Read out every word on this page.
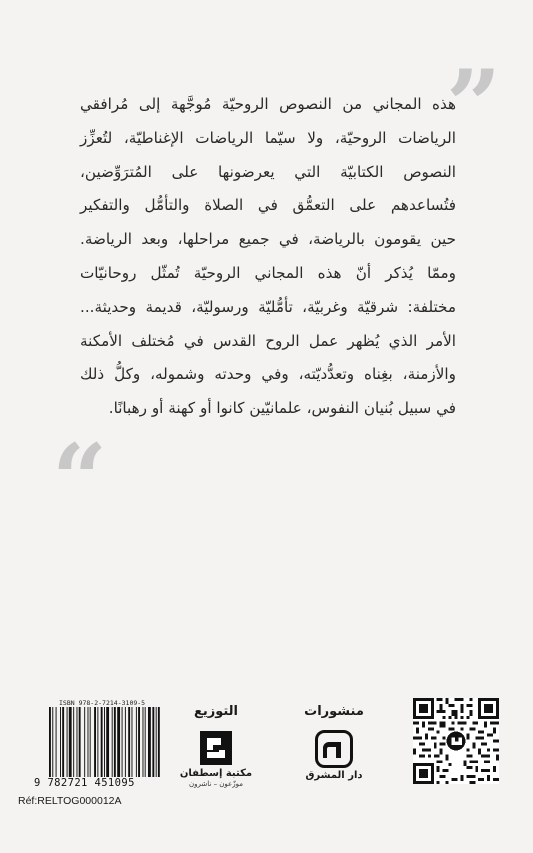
”
“
هذه المجاني من النصوص الروحيّة مُوجَّهة إلى مُرافقي
الرياضات الروحيّة، ولا سيّما الرياضات الإغناطيّة، لتُعزِّز
النصوص الكتابيّة التي يعرضونها على المُترَوِّضين،
فتُساعدهم على التعمُّق في الصلاة والتأمُّل والتفكير
حين يقومون بالرياضة، في جميع مراحلها، وبعد الرياضة.
وممّا يُذكر أنّ هذه المجاني الروحيّة تُمثّل روحانيّات
مختلفة: شرقيّة وغربيّة، تأمُّليّة ورسوليّة، قديمة وحديثة...
الأمر الذي يُظهر عمل الروح القدس في مُختلف الأمكنة
والأزمنة، بغِناه وتعدُّديّته، وفي وحدته وشموله، وكلُّ ذلك
في سبيل بُنيان النفوس، علمانيّين كانوا أو كهنة أو رهبانًا.
منشورات
دار المشرق
التوزيع
مكتبة إسطفان
موزّعون – ناشرون
ISBN 978-2-7214-3109-5
9 782721 451095
Réf:RELTOG000012A
